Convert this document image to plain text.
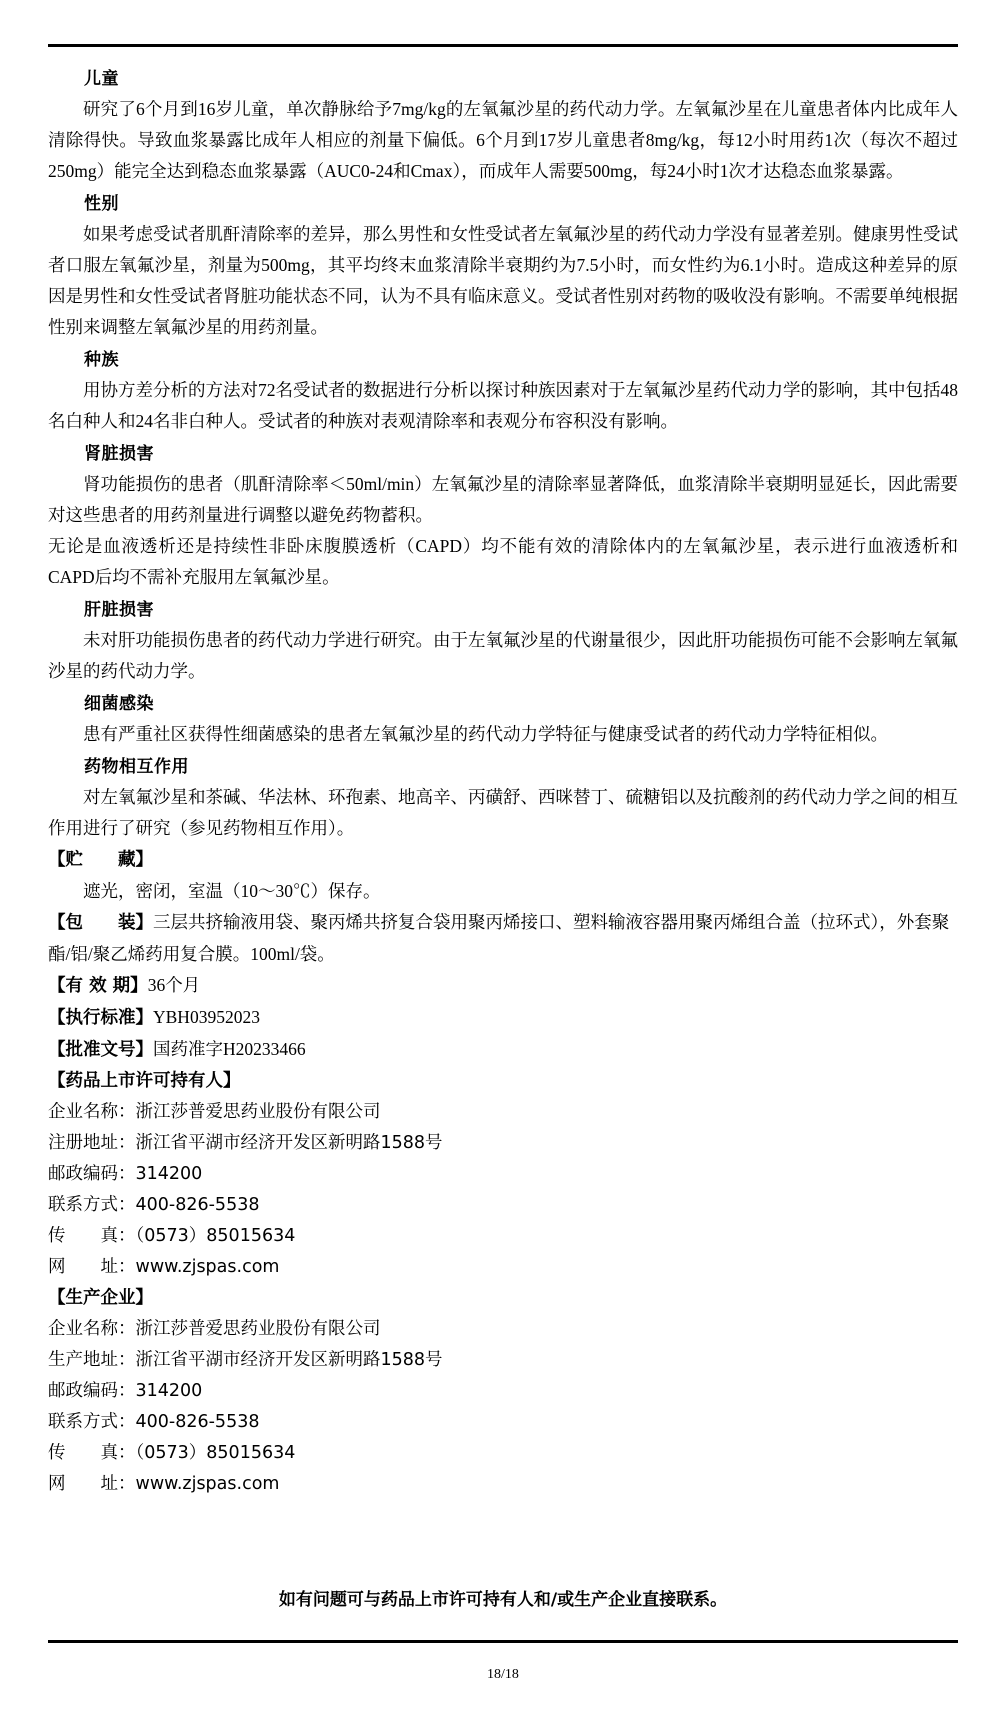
儿童

研究了6个月到16岁儿童，单次静脉给予7mg/kg的左氧氟沙星的药代动力学。左氧氟沙星在儿童患者体内比成年人清除得快。导致血浆暴露比成年人相应的剂量下偏低。6个月到17岁儿童患者8mg/kg，每12小时用药1次（每次不超过250mg）能完全达到稳态血浆暴露（AUC0-24和Cmax），而成年人需要500mg，每24小时1次才达稳态血浆暴露。

性别

如果考虑受试者肌酐清除率的差异，那么男性和女性受试者左氧氟沙星的药代动力学没有显著差别。健康男性受试者口服左氧氟沙星，剂量为500mg，其平均终末血浆清除半衰期约为7.5小时，而女性约为6.1小时。造成这种差异的原因是男性和女性受试者肾脏功能状态不同，认为不具有临床意义。受试者性别对药物的吸收没有影响。不需要单纯根据性别来调整左氧氟沙星的用药剂量。

种族

用协方差分析的方法对72名受试者的数据进行分析以探讨种族因素对于左氧氟沙星药代动力学的影响，其中包括48名白种人和24名非白种人。受试者的种族对表观清除率和表观分布容积没有影响。

肾脏损害

肾功能损伤的患者（肌酐清除率＜50ml/min）左氧氟沙星的清除率显著降低，血浆清除半衰期明显延长，因此需要对这些患者的用药剂量进行调整以避免药物蓄积。

无论是血液透析还是持续性非卧床腹膜透析（CAPD）均不能有效的清除体内的左氧氟沙星，表示进行血液透析和CAPD后均不需补充服用左氧氟沙星。

肝脏损害

未对肝功能损伤患者的药代动力学进行研究。由于左氧氟沙星的代谢量很少，因此肝功能损伤可能不会影响左氧氟沙星的药代动力学。

细菌感染

患有严重社区获得性细菌感染的患者左氧氟沙星的药代动力学特征与健康受试者的药代动力学特征相似。

药物相互作用

对左氧氟沙星和茶碱、华法林、环孢素、地高辛、丙磺舒、西咪替丁、硫糖铝以及抗酸剂的药代动力学之间的相互作用进行了研究（参见药物相互作用）。

【贮　　藏】

遮光，密闭，室温（10～30℃）保存。

【包　　装】三层共挤输液用袋、聚丙烯共挤复合袋用聚丙烯接口、塑料输液容器用聚丙烯组合盖（拉环式），外套聚酯/铝/聚乙烯药用复合膜。100ml/袋。
【有 效 期】36个月
【执行标准】YBH03952023
【批准文号】国药准字H20233466
【药品上市许可持有人】
企业名称：浙江莎普爱思药业股份有限公司
注册地址：浙江省平湖市经济开发区新明路1588号
邮政编码：314200
联系方式：400-826-5538
传　　真：（0573）85015634
网　　址：www.zjspas.com
【生产企业】
企业名称：浙江莎普爱思药业股份有限公司
生产地址：浙江省平湖市经济开发区新明路1588号
邮政编码：314200
联系方式：400-826-5538
传　　真：（0573）85015634
网　　址：www.zjspas.com
如有问题可与药品上市许可持有人和/或生产企业直接联系。
18/18
